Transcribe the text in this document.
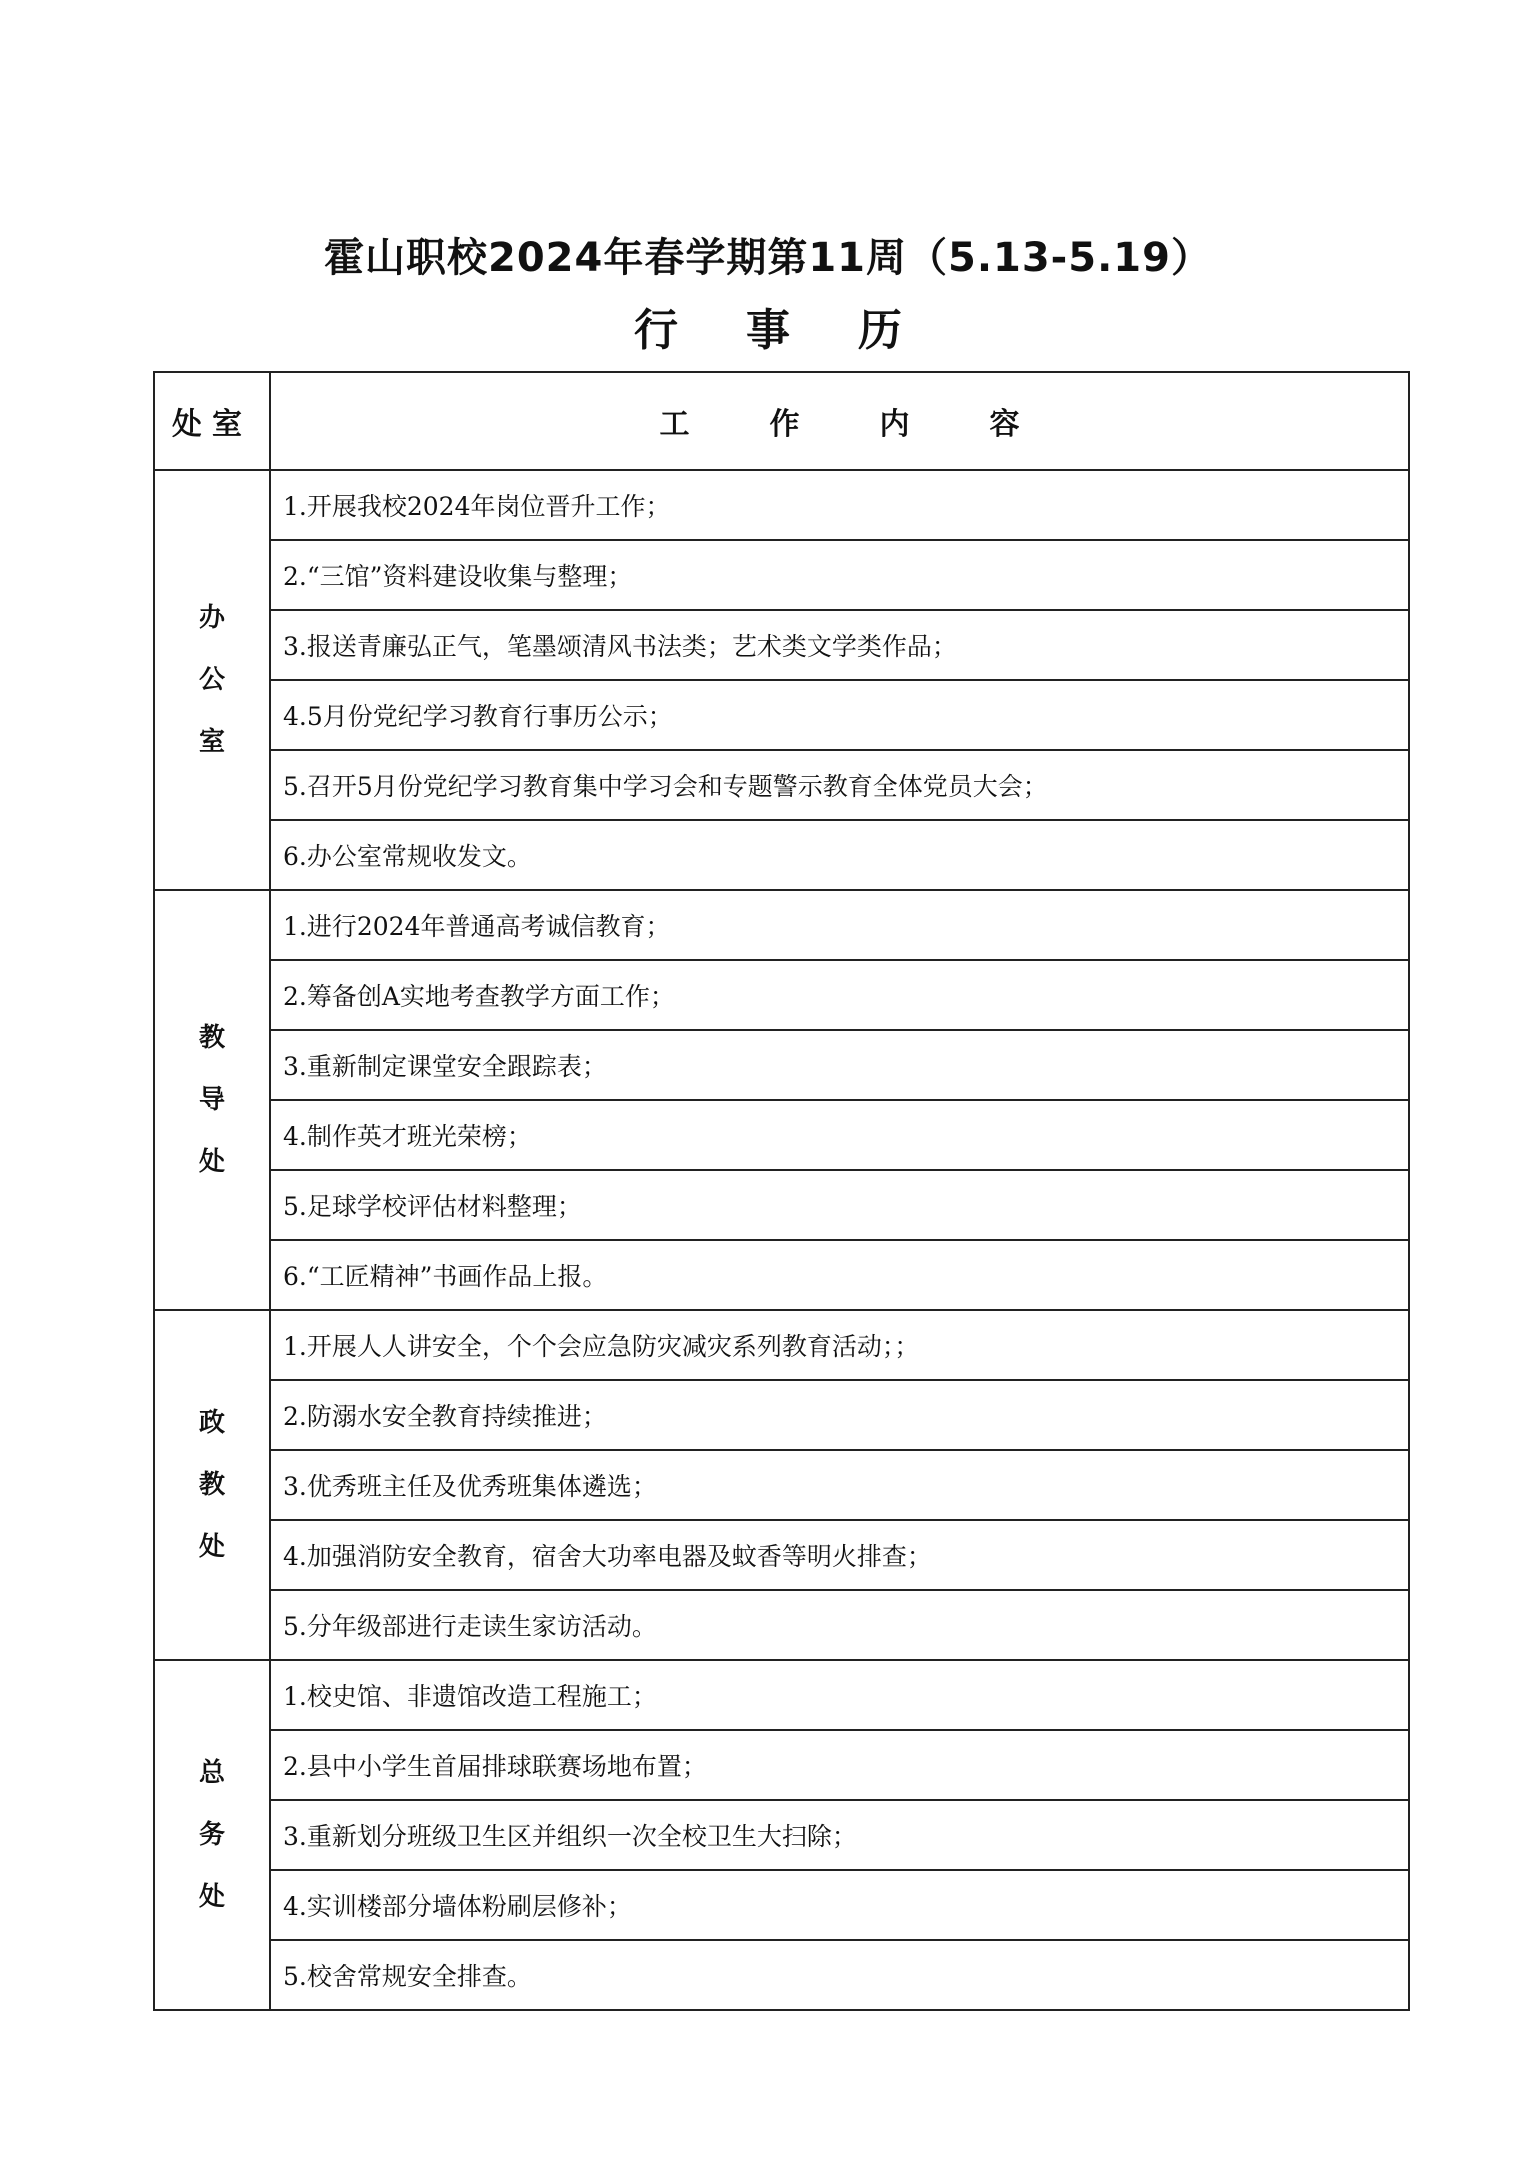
霍山职校2024年春学期第11周（5.13-5.19）
行事历
处室	工作内容
办公室	1.开展我校2024年岗位晋升工作；
	2.“三馆”资料建设收集与整理；
	3.报送青廉弘正气，笔墨颂清风书法类；艺术类文学类作品；
	4.5月份党纪学习教育行事历公示；
	5.召开5月份党纪学习教育集中学习会和专题警示教育全体党员大会；
	6.办公室常规收发文。
教导处	1.进行2024年普通高考诚信教育；
	2.筹备创A实地考查教学方面工作；
	3.重新制定课堂安全跟踪表；
	4.制作英才班光荣榜；
	5.足球学校评估材料整理；
	6.“工匠精神”书画作品上报。
政教处	1.开展人人讲安全，个个会应急防灾减灾系列教育活动；；
	2.防溺水安全教育持续推进；
	3.优秀班主任及优秀班集体遴选；
	4.加强消防安全教育，宿舍大功率电器及蚊香等明火排查；
	5.分年级部进行走读生家访活动。
总务处	1.校史馆、非遗馆改造工程施工；
	2.县中小学生首届排球联赛场地布置；
	3.重新划分班级卫生区并组织一次全校卫生大扫除；
	4.实训楼部分墙体粉刷层修补；
	5.校舍常规安全排查。
